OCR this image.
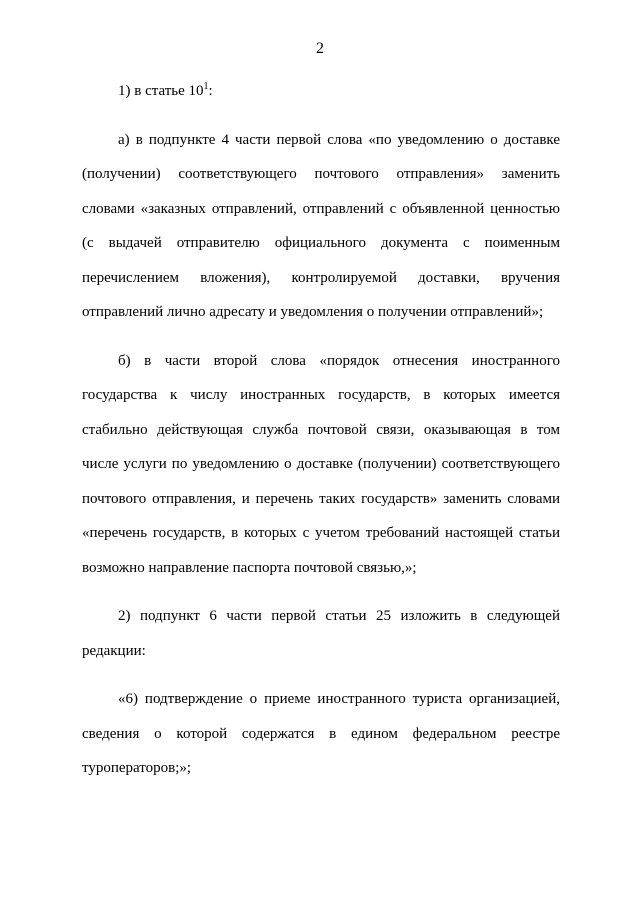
2

1) в статье $10^1$:

а) в подпункте 4 части первой слова «по уведомлению о доставке (получении) соответствующего почтового отправления» заменить словами «заказных отправлений, отправлений с объявленной ценностью (с выдачей отправителю официального документа с поименным перечислением вложения), контролируемой доставки, вручения отправлений лично адресату и уведомления о получении отправлений»;

б) в части второй слова «порядок отнесения иностранного государства к числу иностранных государств, в которых имеется стабильно действующая служба почтовой связи, оказывающая в том числе услуги по уведомлению о доставке (получении) соответствующего почтового отправления, и перечень таких государств» заменить словами «перечень государств, в которых с учетом требований настоящей статьи возможно направление паспорта почтовой связью,»;

2) подпункт 6 части первой статьи 25 изложить в следующей редакции:

«6) подтверждение о приеме иностранного туриста организацией, сведения о которой содержатся в едином федеральном реестре туроператоров;»;
